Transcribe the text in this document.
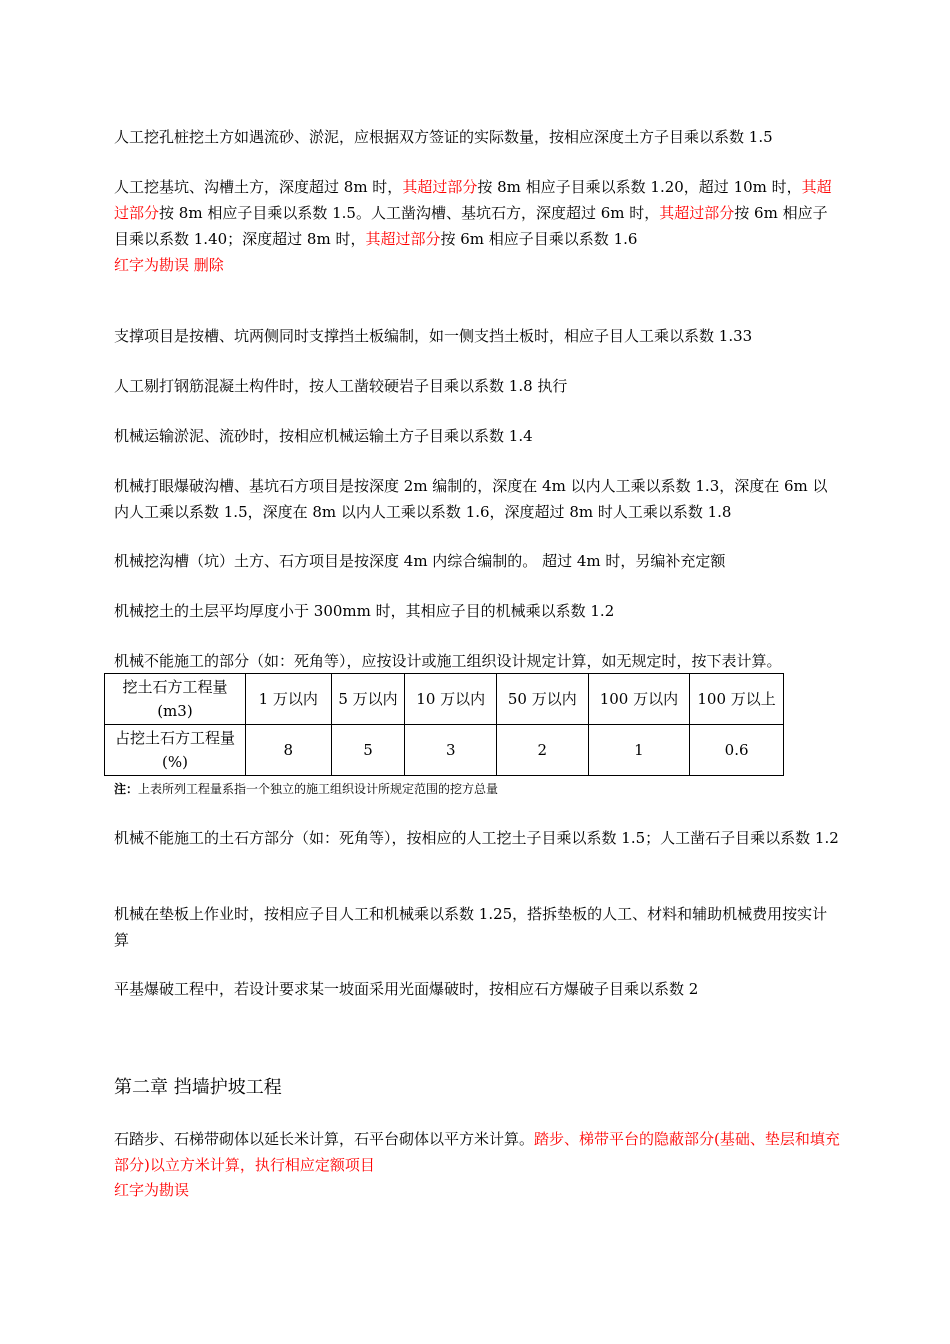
人工挖孔桩挖土方如遇流砂、淤泥，应根据双方签证的实际数量，按相应深度土方子目乘以系数 1.5
人工挖基坑、沟槽土方，深度超过 8m 时，其超过部分按 8m 相应子目乘以系数 1.20，超过 10m 时，其超过部分按 8m 相应子目乘以系数 1.5。人工凿沟槽、基坑石方，深度超过 6m 时，其超过部分按 6m 相应子目乘以系数 1.40；深度超过 8m 时，其超过部分按 6m 相应子目乘以系数 1.6
红字为勘误 删除
支撑项目是按槽、坑两侧同时支撑挡土板编制，如一侧支挡土板时，相应子目人工乘以系数 1.33
人工剔打钢筋混凝土构件时，按人工凿较硬岩子目乘以系数 1.8 执行
机械运输淤泥、流砂时，按相应机械运输土方子目乘以系数 1.4
机械打眼爆破沟槽、基坑石方项目是按深度 2m 编制的，深度在 4m 以内人工乘以系数 1.3，深度在 6m 以内人工乘以系数 1.5，深度在 8m 以内人工乘以系数 1.6，深度超过 8m 时人工乘以系数 1.8
机械挖沟槽（坑）土方、石方项目是按深度 4m 内综合编制的。 超过 4m 时，另编补充定额
机械挖土的土层平均厚度小于 300mm 时，其相应子目的机械乘以系数 1.2
机械不能施工的部分（如：死角等），应按设计或施工组织设计规定计算，如无规定时，按下表计算。
挖土石方工程量(m3)	1 万以内	5 万以内	10 万以内	50 万以内	100 万以内	100 万以上
占挖土石方工程量(%)	8	5	3	2	1	0.6
注：上表所列工程量系指一个独立的施工组织设计所规定范围的挖方总量
机械不能施工的土石方部分（如：死角等），按相应的人工挖土子目乘以系数 1.5；人工凿石子目乘以系数 1.2
机械在垫板上作业时，按相应子目人工和机械乘以系数 1.25，搭拆垫板的人工、材料和辅助机械费用按实计算
平基爆破工程中，若设计要求某一坡面采用光面爆破时，按相应石方爆破子目乘以系数 2
第二章 挡墙护坡工程
石踏步、石梯带砌体以延长米计算，石平台砌体以平方米计算。踏步、梯带平台的隐蔽部分(基础、垫层和填充部分)以立方米计算，执行相应定额项目
红字为勘误
